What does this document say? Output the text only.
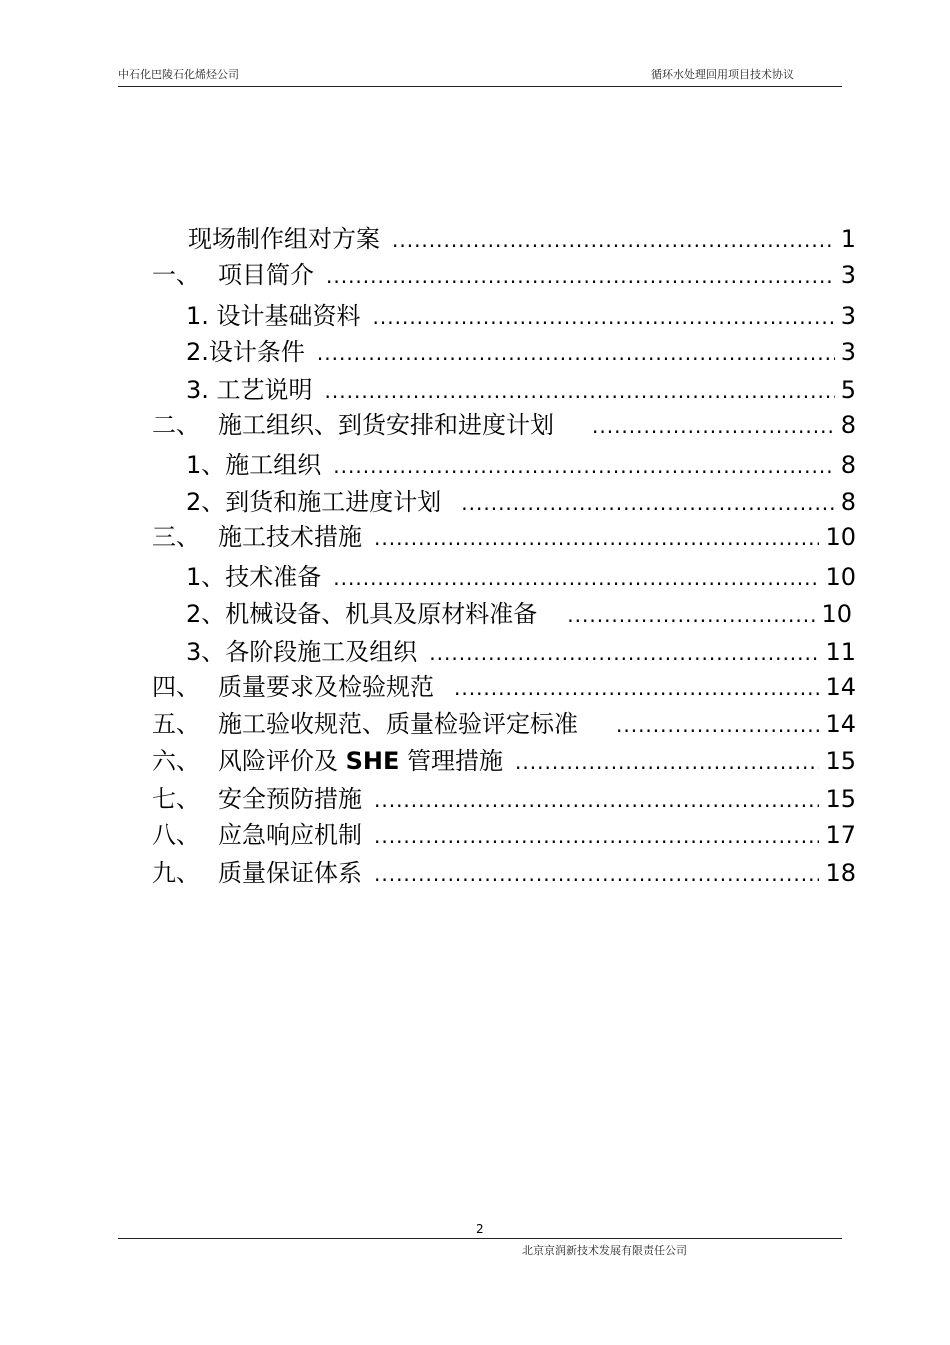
中石化巴陵石化烯烃公司	循环水处理回用项目技术协议
现场制作组对方案 .....	1
一、 项目简介 .....	3
1. 设计基础资料 .....	3
2. 设计条件 .....	3
3. 工艺说明 .....	5
二、 施工组织、到货安排和进度计划 .....	8
1、 施工组织 .....	8
2、 到货和施工进度计划 .....	8
三、 施工技术措施 .....	10
1、 技术准备 .....	10
2、 机械设备、机具及原材料准备 .....	10
3、 各阶段施工及组织 .....	11
四、 质量要求及检验规范 .....	14
五、 施工验收规范、质量检验评定标准 .....	14
六、 风险评价及 SHE 管理措施 .....	15
七、 安全预防措施 .....	15
八、 应急响应机制 .....	17
九、 质量保证体系 .....	18
2
北京京润新技术发展有限责任公司
